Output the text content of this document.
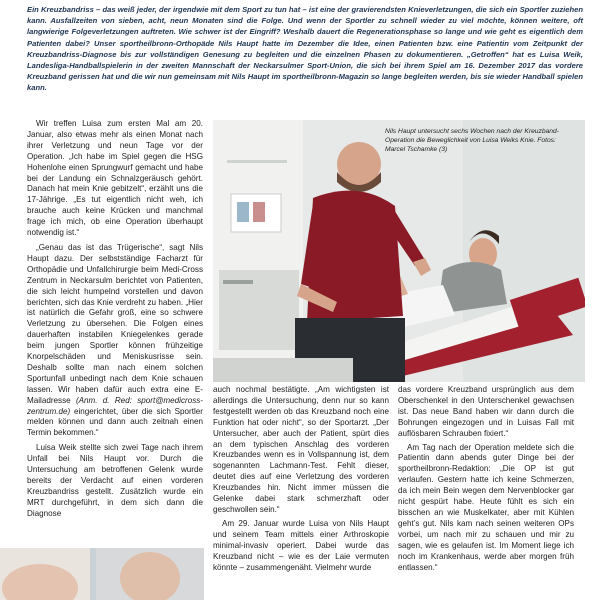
Ein Kreuzbandriss – das weiß jeder, der irgendwie mit dem Sport zu tun hat – ist eine der gravierendsten Knieverletzungen, die sich ein Sportler zuziehen kann. Ausfallzeiten von sieben, acht, neun Monaten sind die Folge. Und wenn der Sportler zu schnell wieder zu viel möchte, können weitere, oft langwierige Folgeverletzungen auftreten. Wie schwer ist der Eingriff? Weshalb dauert die Regenerationsphase so lange und wie geht es eigentlich dem Patienten dabei? Unser sportheilbronn-Orthopäde Nils Haupt hatte im Dezember die Idee, einen Patienten bzw. eine Patientin vom Zeitpunkt der Kreuzbandriss-Diagnose bis zur vollständigen Genesung zu begleiten und die einzelnen Phasen zu dokumentieren. „Getroffen“ hat es Luisa Weik, Landesliga-Handballspielerin in der zweiten Mannschaft der Neckarsulmer Sport-Union, die sich bei ihrem Spiel am 16. Dezember 2017 das vordere Kreuzband gerissen hat und die wir nun gemeinsam mit Nils Haupt im sportheilbronn-Magazin so lange begleiten werden, bis sie wieder Handball spielen kann.

Wir treffen Luisa zum ersten Mal am 20. Januar, also etwas mehr als einen Monat nach ihrer Verletzung und neun Tage vor der Operation. „Ich habe im Spiel gegen die HSG Hohenlohe einen Sprungwurf gemacht und habe bei der Landung ein Schnalzgeräusch gehört. Danach hat mein Knie gebitzelt“, erzählt uns die 17-Jährige. „Es tut eigentlich nicht weh, ich brauche auch keine Krücken und manchmal frage ich mich, ob eine Operation überhaupt notwendig ist.“

„Genau das ist das Trügerische“, sagt Nils Haupt dazu. Der selbstständige Facharzt für Orthopädie und Unfallchirurgie beim Medi-Cross Zentrum in Neckarsulm berichtet von Patienten, die sich leicht humpelnd vorstellen und davon berichten, sich das Knie verdreht zu haben. „Hier ist natürlich die Gefahr groß, eine so schwere Verletzung zu übersehen. Die Folgen eines dauerhaften instabilen Kniegelenkes gerade beim jungen Sportler können frühzeitige Knorpelschäden und Meniskusrisse sein. Deshalb sollte man nach einem solchen Sportunfall unbedingt nach dem Knie schauen lassen. Wir haben dafür auch extra eine E-Mailadresse (Anm. d. Red: sport@medicross-zentrum.de) eingerichtet, über die sich Sportler melden können und dann auch zeitnah einen Termin bekommen.“

Luisa Weik stellte sich zwei Tage nach ihrem Unfall bei Nils Haupt vor. Durch die Untersuchung am betroffenen Gelenk wurde bereits der Verdacht auf einen vorderen Kreuzbandriss gestellt. Zusätzlich wurde ein MRT durchgeführt, in dem sich dann die Diagnose

Nils Haupt untersucht sechs Wochen nach der Kreuzband-Operation die Beweglichkeit von Luisa Weiks Knie. Fotos: Marcel Tschamke (3)

auch nochmal bestätigte. „Am wichtigsten ist allerdings die Untersuchung, denn nur so kann festgestellt werden ob das Kreuzband noch eine Funktion hat oder nicht“, so der Sportarzt. „Der Untersucher, aber auch der Patient, spürt dies an dem typischen Anschlag des vorderen Kreuzbandes wenn es in Vollspannung ist, dem sogenannten Lachmann-Test. Fehlt dieser, deutet dies auf eine Verletzung des vorderen Kreuzbandes hin. Nicht immer müssen die Gelenke dabei stark schmerzhaft oder geschwollen sein.“

Am 29. Januar wurde Luisa von Nils Haupt und seinem Team mittels einer Arthroskopie minimal-invasiv operiert. Dabei wurde das Kreuzband nicht – wie es der Laie vermuten könnte – zusammengenäht. Vielmehr wurde

das vordere Kreuzband ursprünglich aus dem Oberschenkel in den Unterschenkel gewachsen ist. Das neue Band haben wir dann durch die Bohrungen eingezogen und in Luisas Fall mit auflösbaren Schrauben fixiert.“

Am Tag nach der Operation meldete sich die Patientin dann abends guter Dinge bei der sportheilbronn-Redaktion: „Die OP ist gut verlaufen. Gestern hatte ich keine Schmerzen, da ich mein Bein wegen dem Nervenblocker gar nicht gespürt habe. Heute fühlt es sich ein bisschen an wie Muskelkater, aber mit Kühlen geht’s gut. Nils kam nach seinen weiteren OPs vorbei, um nach mir zu schauen und mir zu sagen, wie es gelaufen ist. Im Moment liege ich noch im Krankenhaus, werde aber morgen früh entlassen.“
